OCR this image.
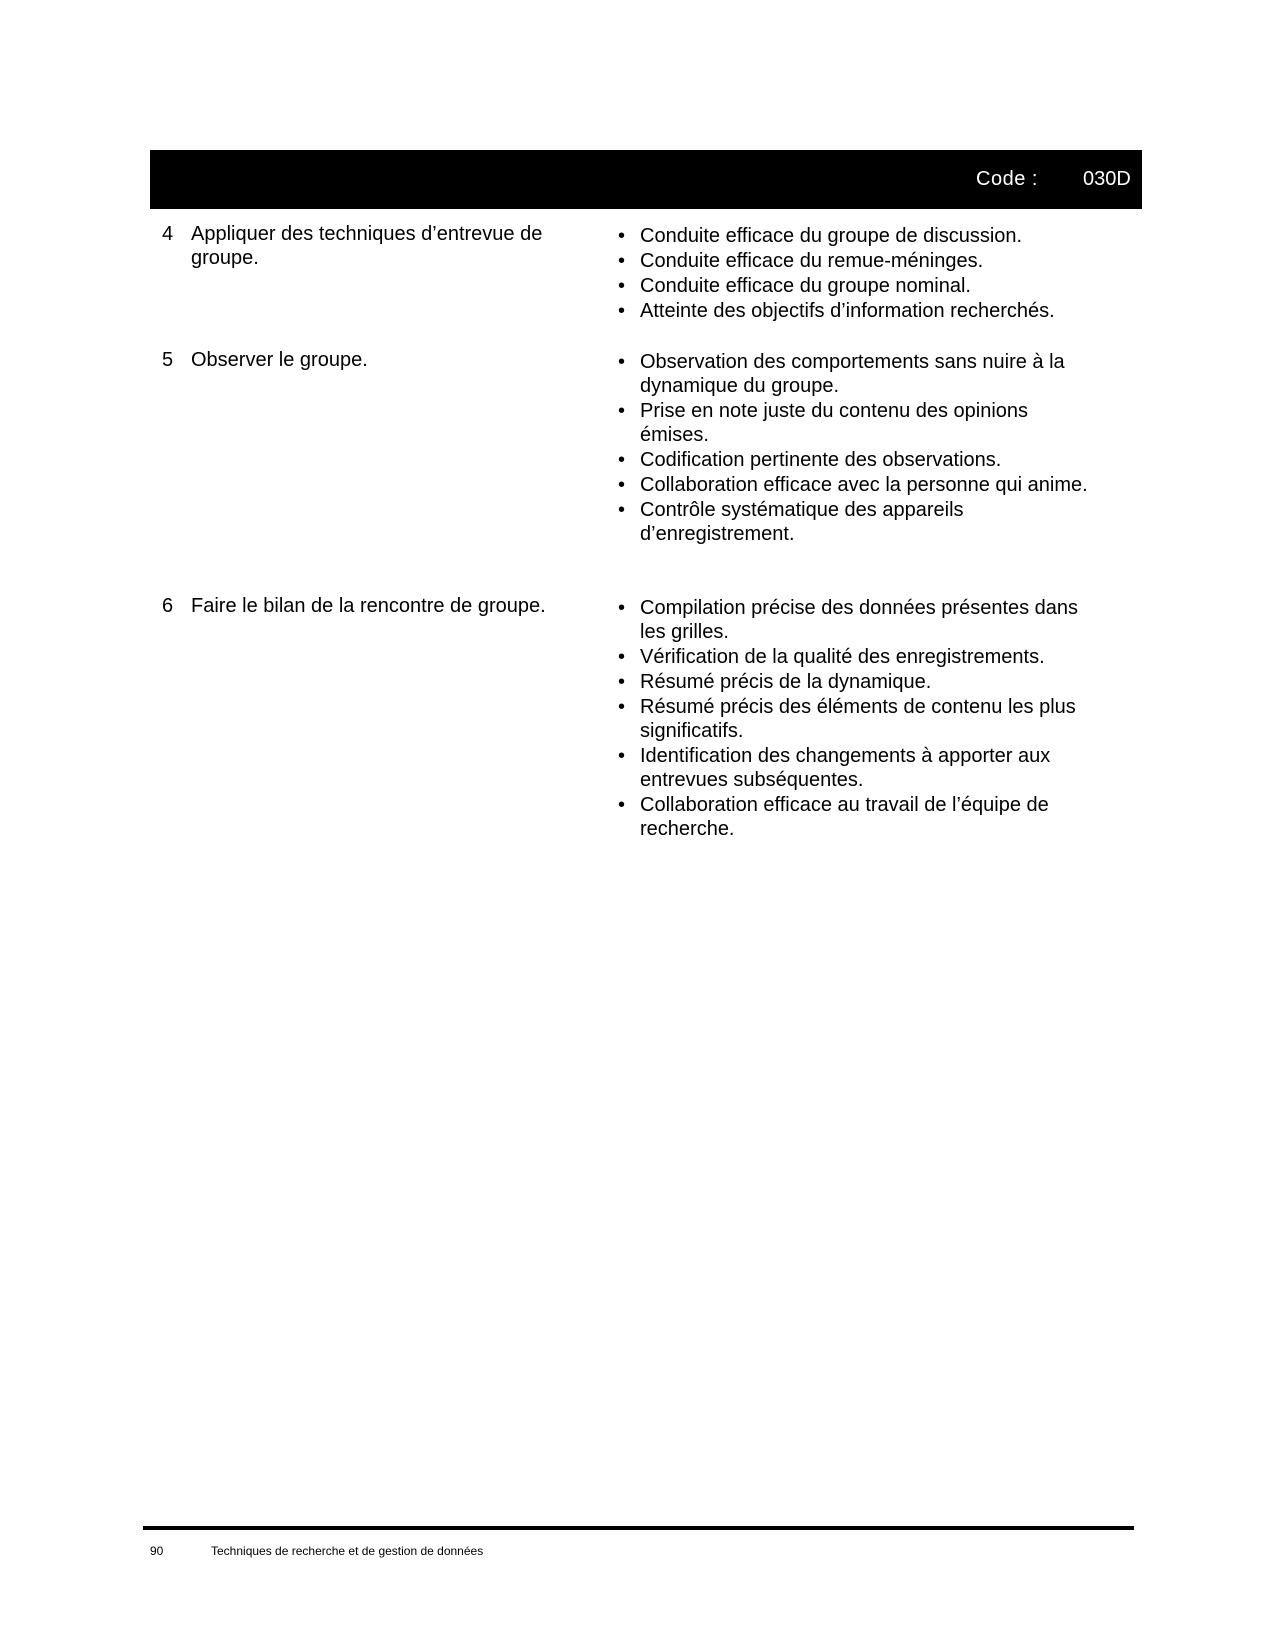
Code : 030D
4 Appliquer des techniques d’entrevue de groupe.
• Conduite efficace du groupe de discussion.
• Conduite efficace du remue-méninges.
• Conduite efficace du groupe nominal.
• Atteinte des objectifs d’information recherchés.
5 Observer le groupe.	• Observation des comportements sans nuire à la dynamique du groupe.
• Prise en note juste du contenu des opinions émises.
• Codification pertinente des observations.
• Collaboration efficace avec la personne qui anime.
• Contrôle systématique des appareils d’enregistrement.
6 Faire le bilan de la rencontre de groupe.	• Compilation précise des données présentes dans les grilles.
• Vérification de la qualité des enregistrements.
• Résumé précis de la dynamique.
• Résumé précis des éléments de contenu les plus significatifs.
• Identification des changements à apporter aux entrevues subséquentes.
• Collaboration efficace au travail de l’équipe de recherche.
90	Techniques de recherche et de gestion de données
